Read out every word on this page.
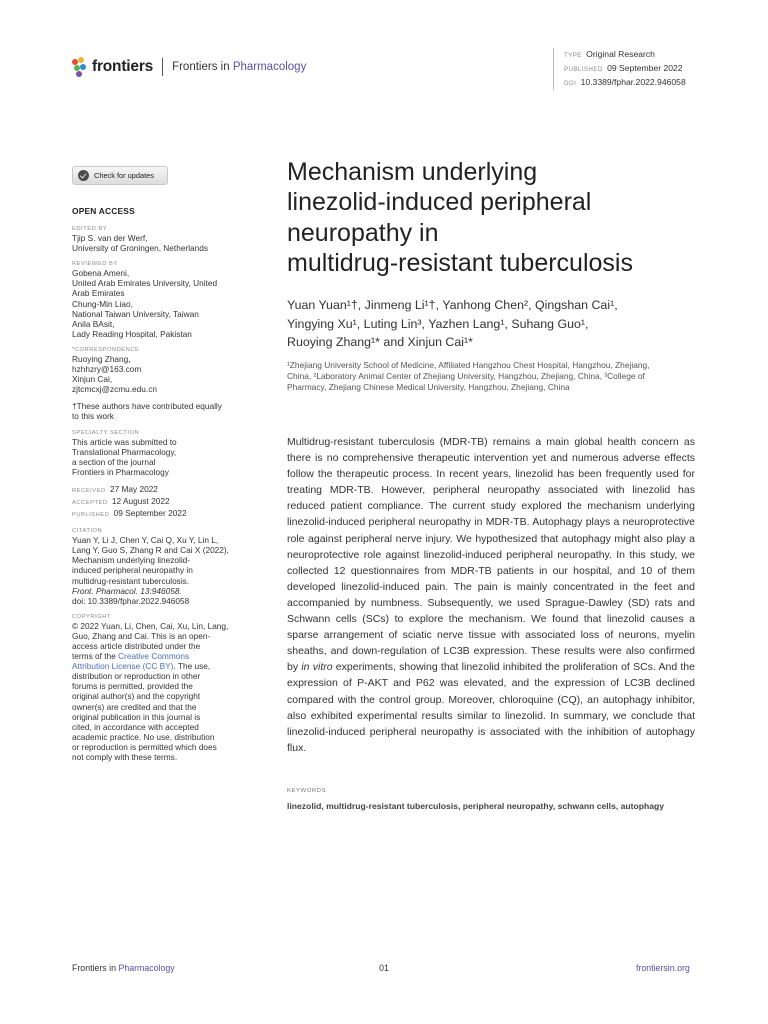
frontiers Frontiers in Pharmacology
TYPE Original Research
PUBLISHED 09 September 2022
DOI 10.3389/fphar.2022.946058
Check for updates
OPEN ACCESS
EDITED BY
Tjip S. van der Werf,
University of Groningen, Netherlands
REVIEWED BY
Gobena Ameni,
United Arab Emirates University, United
Arab Emirates
Chung-Min Liao,
National Taiwan University, Taiwan
Anila BAsit,
Lady Reading Hospital, Pakistan
*CORRESPONDENCE
Ruoying Zhang,
hzhhzry@163.com
Xinjun Cai,
zjtcmcxj@zcmu.edu.cn
†These authors have contributed equally
to this work
SPECIALTY SECTION
This article was submitted to
Translational Pharmacology,
a section of the journal
Frontiers in Pharmacology
RECEIVED 27 May 2022
ACCEPTED 12 August 2022
PUBLISHED 09 September 2022
CITATION
Yuan Y, Li J, Chen Y, Cai Q, Xu Y, Lin L,
Lang Y, Guo S, Zhang R and Cai X (2022),
Mechanism underlying linezolid-
induced peripheral neuropathy in
multidrug-resistant tuberculosis.
Front. Pharmacol. 13:946058.
doi: 10.3389/fphar.2022.946058
COPYRIGHT
© 2022 Yuan, Li, Chen, Cai, Xu, Lin, Lang,
Guo, Zhang and Cai. This is an open-
access article distributed under the
terms of the Creative Commons
Attribution License (CC BY). The use,
distribution or reproduction in other
forums is permitted, provided the
original author(s) and the copyright
owner(s) are credited and that the
original publication in this journal is
cited, in accordance with accepted
academic practice. No use, distribution
or reproduction is permitted which does
not comply with these terms.
Mechanism underlying
linezolid-induced peripheral
neuropathy in
multidrug-resistant tuberculosis
Yuan Yuan¹†, Jinmeng Li¹†, Yanhong Chen², Qingshan Cai¹,
Yingying Xu¹, Luting Lin³, Yazhen Lang¹, Suhang Guo¹,
Ruoying Zhang¹* and Xinjun Cai¹*
¹Zhejiang University School of Medicine, Affiliated Hangzhou Chest Hospital, Hangzhou, Zhejiang,
China, ²Laboratory Animal Center of Zhejiang University, Hangzhou, Zhejiang, China, ³College of
Pharmacy, Zhejiang Chinese Medical University, Hangzhou, Zhejiang, China

Multidrug-resistant tuberculosis (MDR-TB) remains a main global health concern as there is no comprehensive therapeutic intervention yet and numerous adverse effects follow the therapeutic process. In recent years, linezolid has been frequently used for treating MDR-TB. However, peripheral neuropathy associated with linezolid has reduced patient compliance. The current study explored the mechanism underlying linezolid-induced peripheral neuropathy in MDR-TB. Autophagy plays a neuroprotective role against peripheral nerve injury. We hypothesized that autophagy might also play a neuroprotective role against linezolid-induced peripheral neuropathy. In this study, we collected 12 questionnaires from MDR-TB patients in our hospital, and 10 of them developed linezolid-induced pain. The pain is mainly concentrated in the feet and accompanied by numbness. Subsequently, we used Sprague-Dawley (SD) rats and Schwann cells (SCs) to explore the mechanism. We found that linezolid causes a sparse arrangement of sciatic nerve tissue with associated loss of neurons, myelin sheaths, and down-regulation of LC3B expression. These results were also confirmed by in vitro experiments, showing that linezolid inhibited the proliferation of SCs. And the expression of P-AKT and P62 was elevated, and the expression of LC3B declined compared with the control group. Moreover, chloroquine (CQ), an autophagy inhibitor, also exhibited experimental results similar to linezolid. In summary, we conclude that linezolid-induced peripheral neuropathy is associated with the inhibition of autophagy flux.

KEYWORDS
linezolid, multidrug-resistant tuberculosis, peripheral neuropathy, schwann cells, autophagy
Frontiers in Pharmacology	01	frontiersin.org
